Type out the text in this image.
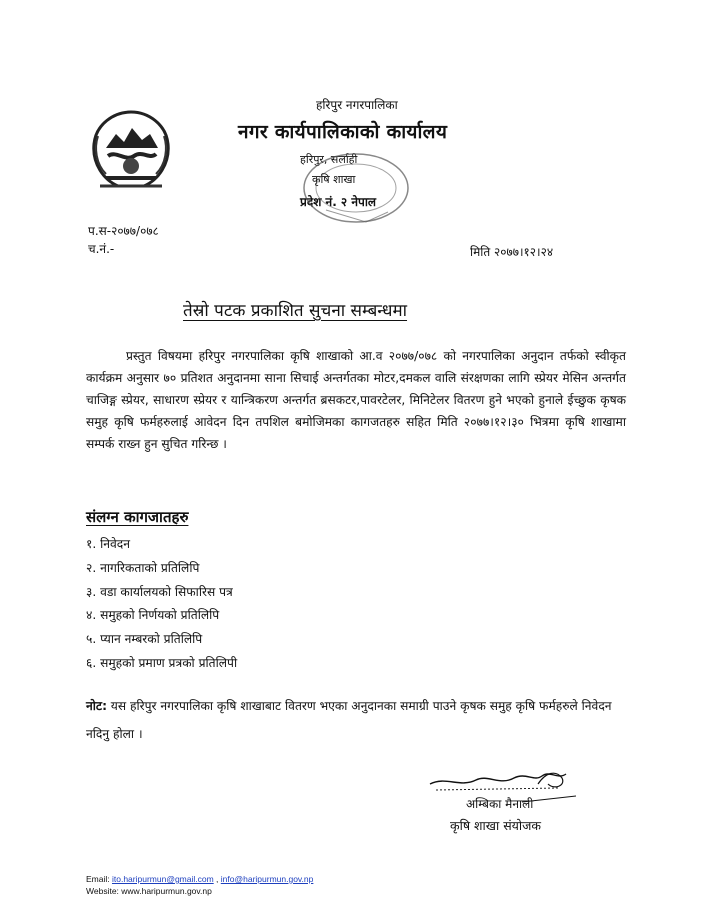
हरिपुर नगरपालिका
नगर कार्यपालिकाको कार्यालय
हरिपुर, सर्लाही
कृषि शाखा
प्रदेश नं. २ नेपाल
प.स-२०७७/०७८
च.नं.-	मिति २०७७।१२।२४
तेस्रो पटक प्रकाशित सुचना सम्बन्धमा
प्रस्तुत विषयमा हरिपुर नगरपालिका कृषि शाखाको आ.व २०७७/०७८ को नगरपालिका अनुदान तर्फको स्वीकृत कार्यक्रम अनुसार ७० प्रतिशत अनुदानमा साना सिचाई अन्तर्गतका मोटर,दमकल वालि संरक्षणका लागि स्प्रेयर मेसिन अन्तर्गत चाजिङ्ग स्प्रेयर, साधारण स्प्रेयर र यान्त्रिकरण अन्तर्गत ब्रसकटर,पावरटेलर, मिनिटेलर वितरण हुने भएको हुनाले ईच्छुक कृषक समुह कृषि फर्महरुलाई आवेदन दिन तपशिल बमोजिमका कागजतहरु सहित मिति २०७७।१२।३० भित्रमा कृषि शाखामा सम्पर्क राख्न हुन सुचित गरिन्छ ।
संलग्न कागजातहरु
१. निवेदन
२. नागरिकताको प्रतिलिपि
३. वडा कार्यालयको सिफारिस पत्र
४. समुहको निर्णयको प्रतिलिपि
५. प्यान नम्बरको प्रतिलिपि
६. समुहको प्रमाण प्रत्रको प्रतिलिपी
नोट: यस हरिपुर नगरपालिका कृषि शाखाबाट वितरण भएका अनुदानका समाग्री पाउने कृषक समुह कृषि फर्महरुले निवेदन नदिनु होला ।
अम्बिका मैनाली
कृषि शाखा संयोजक
Email: ito.haripurmun@gmail.com , info@haripurmun.gov.np
Website: www.haripurmun.gov.np
